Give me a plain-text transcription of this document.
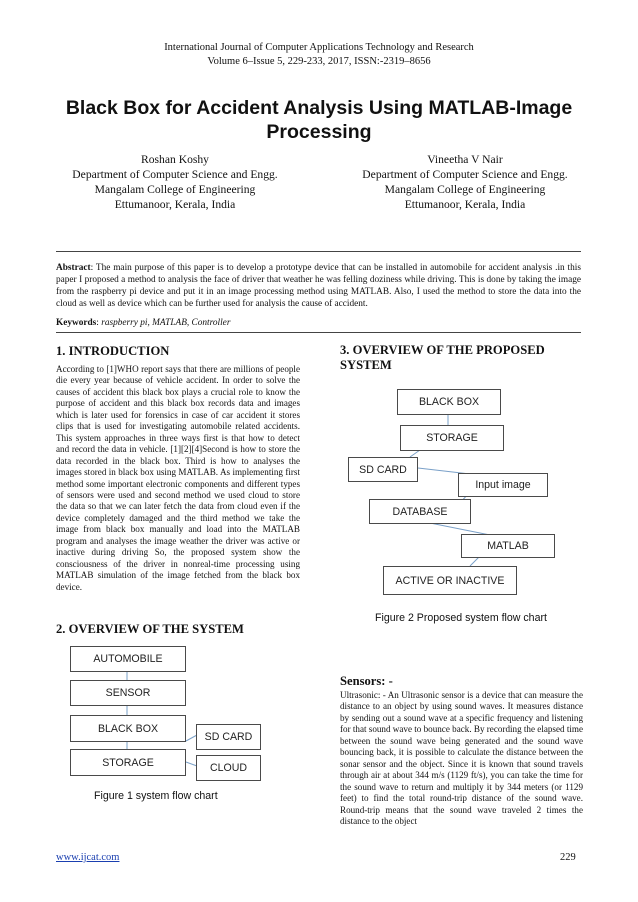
International Journal of Computer Applications Technology and Research
Volume 6–Issue 5, 229-233, 2017, ISSN:-2319–8656
Black Box for Accident Analysis Using MATLAB-Image Processing
Roshan Koshy
Department of Computer Science and Engg.
Mangalam College of Engineering
Ettumanoor, Kerala, India
Vineetha V Nair
Department of Computer Science and Engg.
Mangalam College of Engineering
Ettumanoor, Kerala, India
Abstract: The main purpose of this paper is to develop a prototype device that can be installed in automobile for accident analysis .in this paper I proposed a method to analysis the face of driver that weather he was felling doziness while driving. This is done by taking the image from the raspberry pi device and put it in an image processing method using MATLAB. Also, I used the method to store the data into the cloud as well as device which can be further used for analysis the cause of accident.
Keywords: raspberry pi, MATLAB, Controller
1. INTRODUCTION
According to [1]WHO report says that there are millions of people die every year because of vehicle accident. In order to solve the causes of accident this black box plays a crucial role to know the purpose of accident and this black box records data and images which is later used for forensics in case of car accident it stores clips that is used for investigating automobile related accidents. This system approaches in three ways first is that how to detect and record the data in vehicle. [1][2][4]Second is how to store the data recorded in the black box. Third is how to analyses the images stored in black box using MATLAB. As implementing first method some important electronic components and different types of sensors were used and second method we used cloud to store the data so that we can later fetch the data from cloud even if the device completely damaged and the third method we take the image from black box manually and load into the MATLAB program and analyses the image weather the driver was active or inactive during driving So, the proposed system show the consciousness of the driver in nonreal-time processing using MATLAB simulation of the image fetched from the black box device.
2. OVERVIEW OF THE SYSTEM
AUTOMOBILE
SENSOR
BLACK BOX
STORAGE
SD CARD
CLOUD
Figure 1 system flow chart
3. OVERVIEW OF THE PROPOSED
SYSTEM
BLACK BOX
STORAGE
SD CARD
Input image
DATABASE
MATLAB
ACTIVE OR INACTIVE
Figure 2 Proposed system flow chart
Sensors: -
Ultrasonic: - An Ultrasonic sensor is a device that can measure the distance to an object by using sound waves. It measures distance by sending out a sound wave at a specific frequency and listening for that sound wave to bounce back. By recording the elapsed time between the sound wave being generated and the sound wave bouncing back, it is possible to calculate the distance between the sonar sensor and the object. Since it is known that sound travels through air at about 344 m/s (1129 ft/s), you can take the time for the sound wave to return and multiply it by 344 meters (or 1129 feet) to find the total round-trip distance of the sound wave. Round-trip means that the sound wave traveled 2 times the distance to the object
www.ijcat.com	229
